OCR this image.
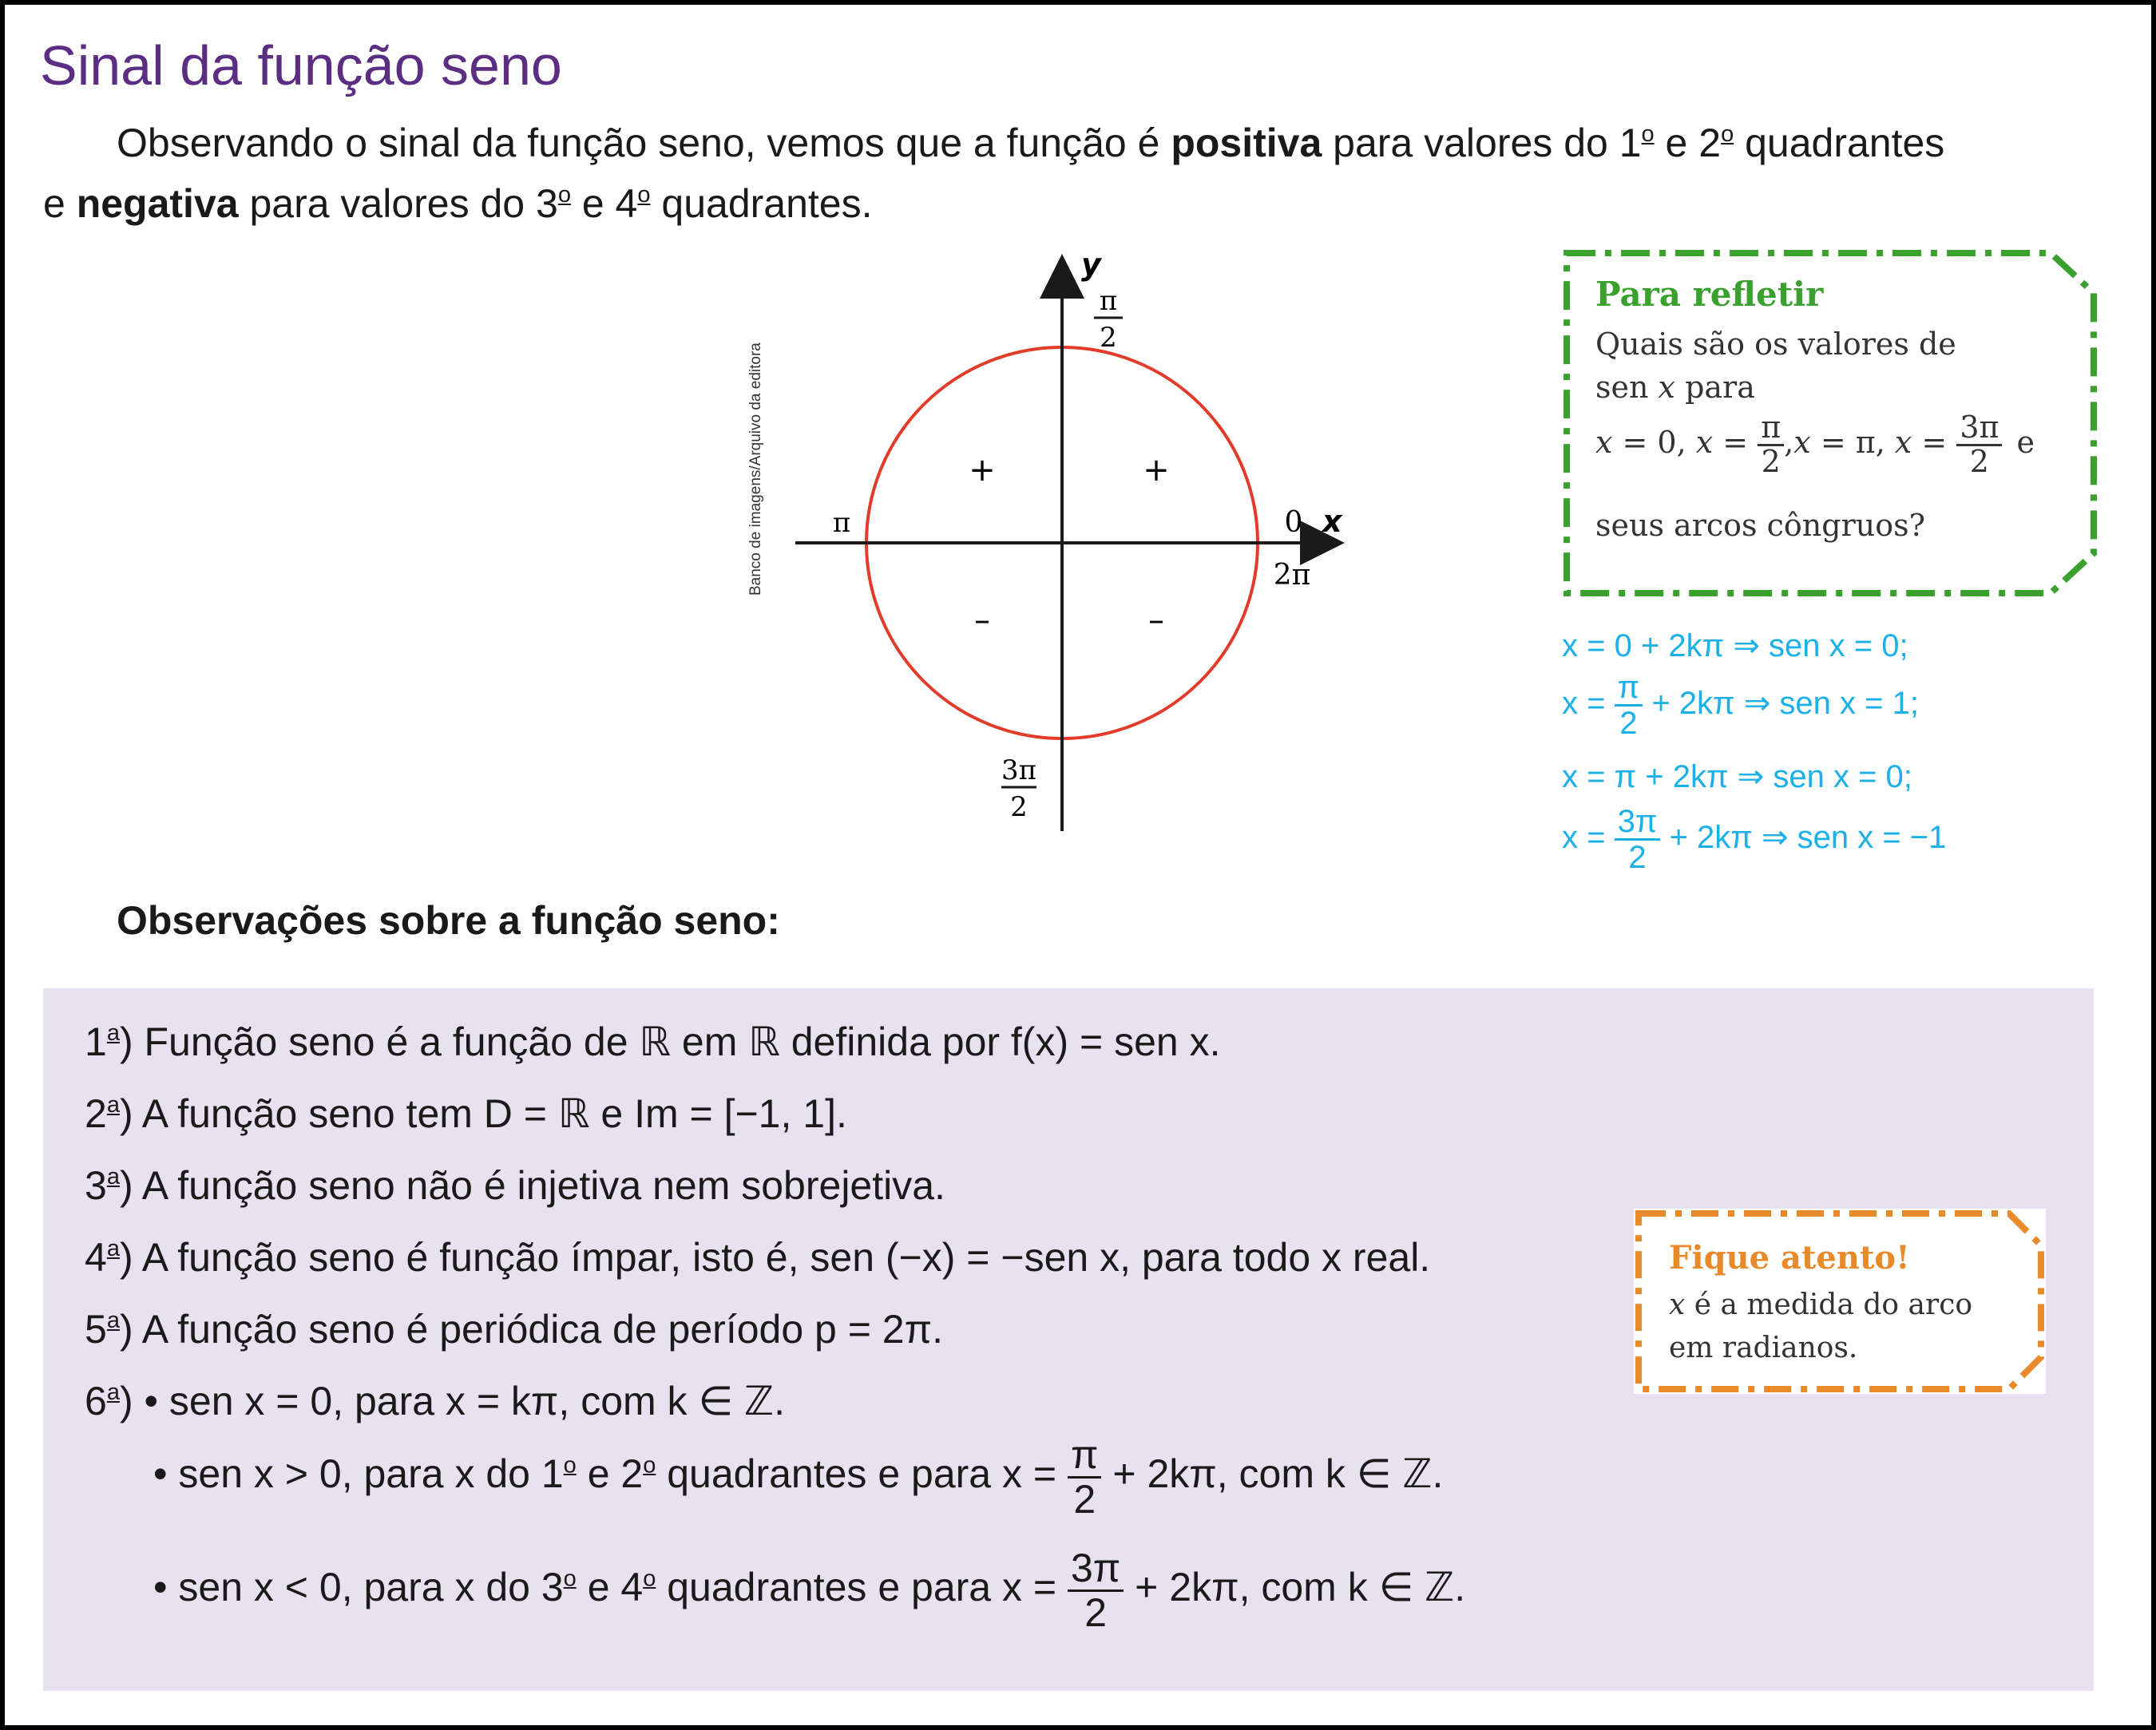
Sinal da função seno
Observando o sinal da função seno, vemos que a função é positiva para valores do 1$^o$ e 2$^o$ quadrantes
e negativa para valores do 3$^o$ e 4$^o$ quadrantes.
Banco de imagens/Arquivo da editora
y
x
π
2
π	0
2π
3π
2
+	+
–	–
Para refletir
Quais são os valores de
sen x para
x = 0, $x = \frac{\pi}{2} ,x = \pi$, $x = \frac{3\pi}{2}$ e
seus arcos côngruos?
x = 0 + 2kπ ⇒ sen x = 0;
$x = \frac{\pi}{2} + 2k\pi$ ⇒ sen x = 1;
x = π + 2kπ ⇒ sen x = 0;
$x = \frac{3\pi}{2} + 2k\pi$ ⇒ sen x = −1
Observações sobre a função seno:
1$^a$) Função seno é a função de ℝ em ℝ definida por f(x) = sen x.
2$^a$) A função seno tem D = ℝ e Im = [−1, 1].
3$^a$) A função seno não é injetiva nem sobrejetiva.
4$^a$) A função seno é função ímpar, isto é, sen (−x) = −sen x, para todo x real.
5$^a$) A função seno é periódica de período p = 2π.
6$^a$) • sen x = 0, para x = kπ, com k ∈ ℤ.
• sen x > 0, para x do 1$^o$ e 2$^o$ quadrantes e para $x = \frac{\pi}{2} + 2k\pi$, com k ∈ ℤ.
• sen x < 0, para x do 3$^o$ e 4$^o$ quadrantes e para $x = \frac{3\pi}{2} + 2k\pi$, com k ∈ ℤ.
Fique atento!
x é a medida do arco
em radianos.
